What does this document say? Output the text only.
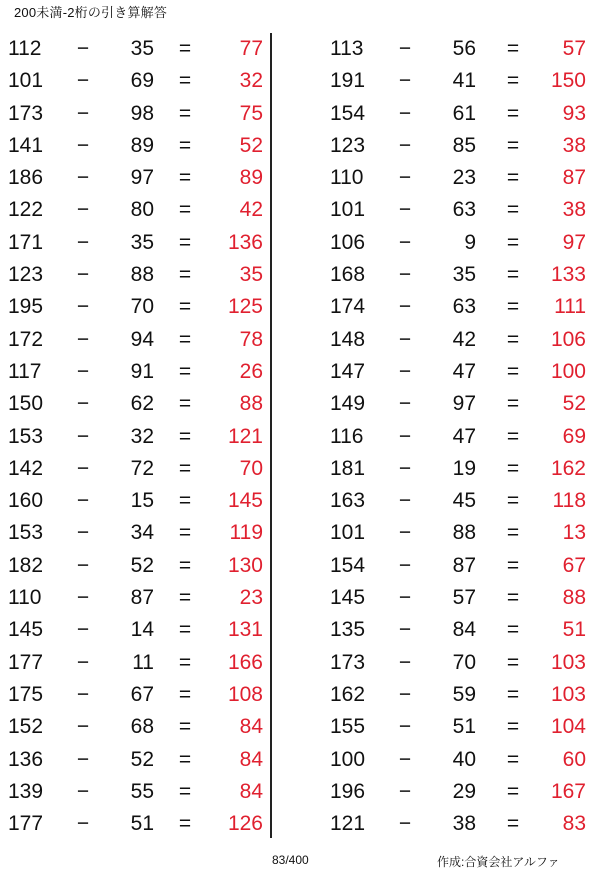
200未満-2桁の引き算解答
112	−	35	=	77
101	−	69	=	32
173	−	98	=	75
141	−	89	=	52
186	−	97	=	89
122	−	80	=	42
171	−	35	=	136
123	−	88	=	35
195	−	70	=	125
172	−	94	=	78
117	−	91	=	26
150	−	62	=	88
153	−	32	=	121
142	−	72	=	70
160	−	15	=	145
153	−	34	=	119
182	−	52	=	130
110	−	87	=	23
145	−	14	=	131
177	−	11	=	166
175	−	67	=	108
152	−	68	=	84
136	−	52	=	84
139	−	55	=	84
177	−	51	=	126
113	−	56	=	57
191	−	41	=	150
154	−	61	=	93
123	−	85	=	38
110	−	23	=	87
101	−	63	=	38
106	−	9	=	97
168	−	35	=	133
174	−	63	=	111
148	−	42	=	106
147	−	47	=	100
149	−	97	=	52
116	−	47	=	69
181	−	19	=	162
163	−	45	=	118
101	−	88	=	13
154	−	87	=	67
145	−	57	=	88
135	−	84	=	51
173	−	70	=	103
162	−	59	=	103
155	−	51	=	104
100	−	40	=	60
196	−	29	=	167
121	−	38	=	83
83/400	作成:合資会社アルファ
